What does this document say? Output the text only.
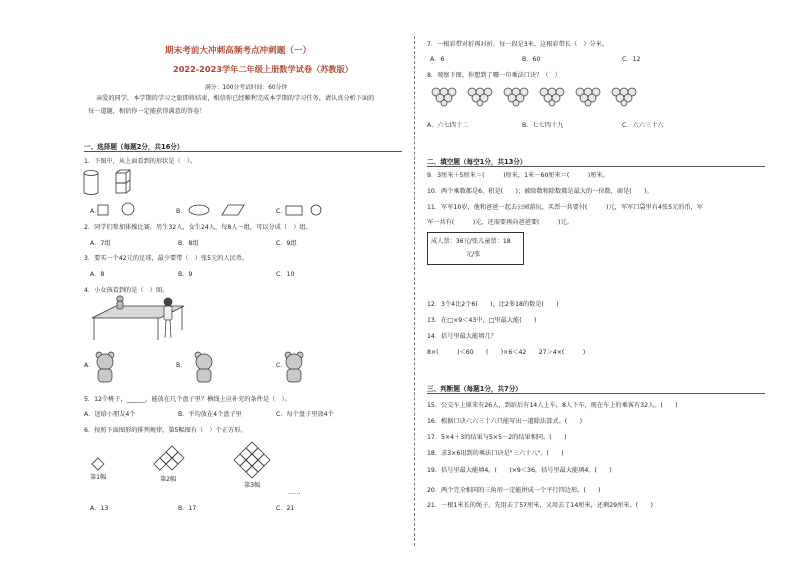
期末考前大冲刺高频考点冲刺题（一）
2022-2023学年二年级上册数学试卷（苏教版）
满分：100分考试时间：60分钟
亲爱的同学，本学期的学习之旅即将结束，相信你已经顺利完成本学期的学习任务，请认真分析下面的
每一道题，相信你一定能获得满意的答卷！
一、选择题（每题2分，共16分）
1．下图中，从上面看到的形状是（　）。
A．	B．	C．
2．同学们参加体操比赛，男生32人，女生24人，每8人一组，可以分成（　）组。
A．7组	B．8组	C．9组
3．要买一个42元的足球，最少要带（　）张5元的人民币。
A．8	B．9	C．10
4．小女孩看到的是（　）图。
A．	B．	C．
5．12个桃子，______，能放在几个盘子里？横线上应补充的条件是（　）。
A．送给小朋友4个	B．平均放在4个盘子里	C．每个盘子里放4个
6．按照下面图形的排列规律，第5幅图有（　）个正方形。
第1幅	第2幅
第3幅
……
A．13	B．17	C．21
7．一根彩带对折再对折，每一段是3米，这根彩带长（　）分米。
A．6	B．60	C．12
8．观察下图，你想到了哪一句乘法口诀？（　）
A．六七四十二	B．七七四十九	C．六六三十六
二、填空题（每空1分，共13分）
9．3厘米＋5厘米＝(　　　)厘米，1米－60厘米＝(　　　)厘米。
10．两个乘数都是6，积是(　　)；被除数和除数都是最大的一位数，商是(　　)。
11．军军10岁，他和爸爸一起去公园游玩，买票一共要付(　　　)元，军军口袋里有4张5元的币，军
军一共有(　　　)元，还需要再向爸爸要(　　　)元。
成人票：36元/张儿童票：18
元/张
12．3个4比2个6(　　)，比2多18的数是(　　)
13．在□×9＜43中，□里最大能(　　)
14．括号里最大能填几？
8×(　　　)＜60　　(　　)×6＜42　　27＞4×(　　　)
三、判断题（每题1分，共7分）
15．公交车上原来有26人，到站后有14人上车，8人下车，现在车上的乘客有32人。(　　)
16．根据口诀六六三十六只能写出一道除法算式。(　　)
17．5×4＋3的结果与5×5－2的结果相同。(　　)
18．求3×6用到的乘法口诀是"三六十八"。(　　)
19．括号里最大能填4。(　　)×9＜36，括号里最大能填4。(　　)
20．两个完全相同的三角形一定能拼成一个平行四边形。(　　)
21．一根1米长的绳子，先用去了57厘米，又用去了14厘米，还剩29厘米。(　　)
